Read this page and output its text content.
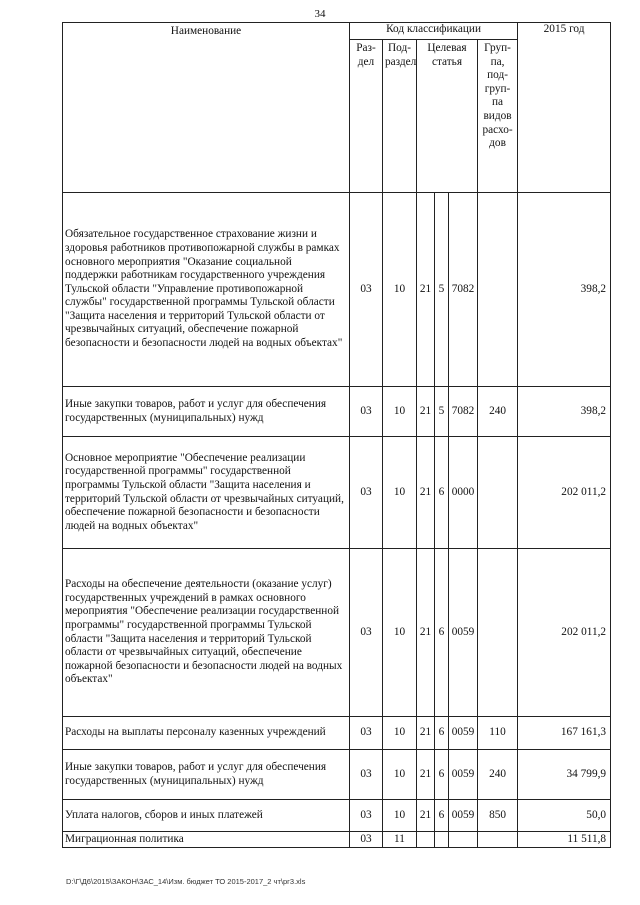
34
Наименование	Код классификации						2015 год
	Раз-дел	Под-раздел	Целевая статья			Груп-па, под-груп-па видов расхо-дов	
Обязательное государственное страхование жизни и здоровья работников противопожарной службы в рамках основного мероприятия "Оказание социальной поддержки работникам государственного учреждения Тульской области "Управление противопожарной службы" государственной программы Тульской области "Защита населения и территорий Тульской области от чрезвычайных ситуаций, обеспечение пожарной безопасности и безопасности людей на водных объектах"	03	10	21	5	7082		398,2
Иные закупки товаров, работ и услуг для обеспечения государственных (муниципальных) нужд	03	10	21	5	7082	240	398,2
Основное мероприятие "Обеспечение реализации государственной программы" государственной программы Тульской области "Защита населения и территорий Тульской области от чрезвычайных ситуаций, обеспечение пожарной безопасности и безопасности людей на водных объектах"	03	10	21	6	0000		202 011,2
Расходы на обеспечение деятельности (оказание услуг) государственных учреждений в рамках основного мероприятия "Обеспечение реализации государственной программы" государственной программы Тульской области "Защита населения и территорий Тульской области от чрезвычайных ситуаций, обеспечение пожарной безопасности и безопасности людей на водных объектах"	03	10	21	6	0059		202 011,2
Расходы на выплаты персоналу казенных учреждений	03	10	21	6	0059	110	167 161,3
Иные закупки товаров, работ и услуг для обеспечения государственных (муниципальных) нужд	03	10	21	6	0059	240	34 799,9
Уплата налогов, сборов и иных платежей	03	10	21	6	0059	850	50,0
Миграционная политика	03	11					11 511,8
D:\Г\Д6\2015\ЗАКОН\ЗАС_14\Изм. бюджет ТО 2015-2017_2 чт\рг3.xls
